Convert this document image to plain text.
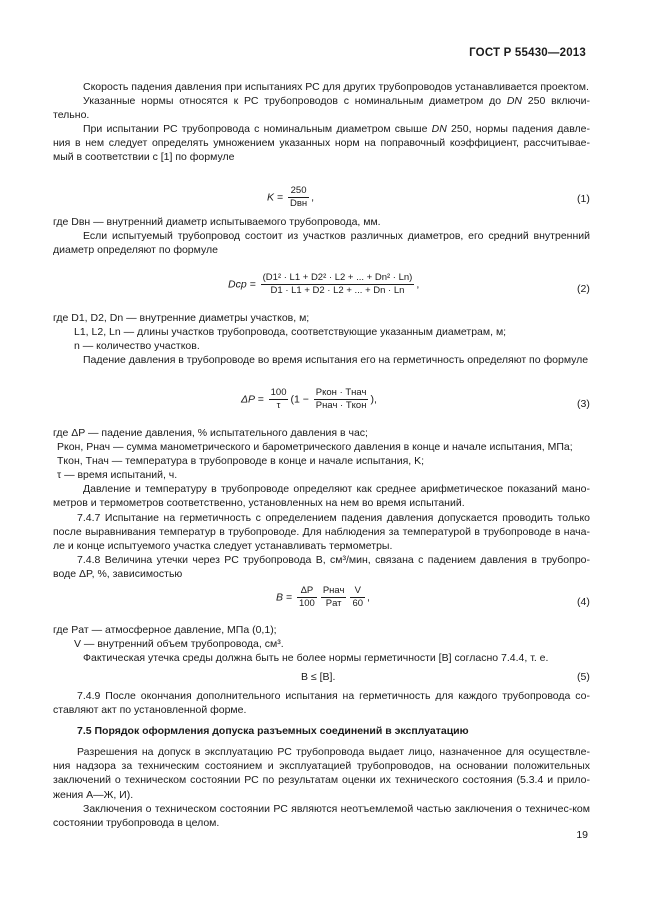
ГОСТ Р 55430—2013

Скорость падения давления при испытаниях РС для других трубопроводов устанавливается проектом.

Указанные нормы относятся к РС трубопроводов с номинальным диаметром до DN 250 включи-тельно.

При испытании РС трубопровода с номинальным диаметром свыше DN 250, нормы падения давле-ния в нем следует определять умножением указанных норм на поправочный коэффициент, рассчитывае-мый в соответствии с [1] по формуле

$K = \frac{250}{\text{Dвн}}$ ,	(1)

где Dвн — внутренний диаметр испытываемого трубопровода, мм.

Если испытуемый трубопровод состоит из участков различных диаметров, его средний внутренний диаметр определяют по формуле

Dср = $\frac{\text{(D1² · L1 + D2² · L2 + ... + Dn² · Ln)}}{D1 \cdot L1 + D2 \cdot L2 + ... + Dn \cdot Ln}$ ,	(2)

где D1, D2, Dn — внутренние диаметры участков, м;

L1, L2, Ln — длины участков трубопровода, соответствующие указанным диаметрам, м;

n — количество участков.

Падение давления в трубопроводе во время испытания его на герметичность определяют по формуле

$\Delta P = \frac{100}{\tau} (1 - \frac{\text{Pкон · Tнач}}{\text{Pнач · Tкон}}$ ),	(3)

где ΔP — падение давления, % испытательного давления в час;

Pкон, Pнач — сумма манометрического и барометрического давления в конце и начале испытания, МПа;

Tкон, Tнач — температура в трубопроводе в конце и начале испытания, K;

τ — время испытаний, ч.

Давление и температуру в трубопроводе определяют как среднее арифметическое показаний мано-метров и термометров соответственно, установленных на нем во время испытаний.

7.4.7 Испытание на герметичность с определением падения давления допускается проводить только после выравнивания температур в трубопроводе. Для наблюдения за температурой в трубопроводе в нача-ле и конце испытуемого участка следует устанавливать термометры.

7.4.8 Величина утечки через РС трубопровода B, см³/мин, связана с падением давления в трубопро-воде ΔP, %, зависимостью

$B = \frac{\Delta P}{100} \frac{\text{Pнач}}{\text{Pат}} \frac{V}{60}$ ,	(4)

где Pат — атмосферное давление, МПа (0,1);

V — внутренний объем трубопровода, см³.

Фактическая утечка среды должна быть не более нормы герметичности [B] согласно 7.4.4, т. е.

B ≤ [B].	(5)

7.4.9 После окончания дополнительного испытания на герметичность для каждого трубопровода со-ставляют акт по установленной форме.

7.5 Порядок оформления допуска разъемных соединений в эксплуатацию

Разрешения на допуск в эксплуатацию РС трубопровода выдает лицо, назначенное для осуществле-ния надзора за техническим состоянием и эксплуатацией трубопроводов, на основании положительных заключений о техническом состоянии РС по результатам оценки их технического состояния (5.3.4 и прило-жения А—Ж, И).

Заключения о техническом состоянии РС являются неотъемлемой частью заключения о техничес-ком состоянии трубопровода в целом.

19
